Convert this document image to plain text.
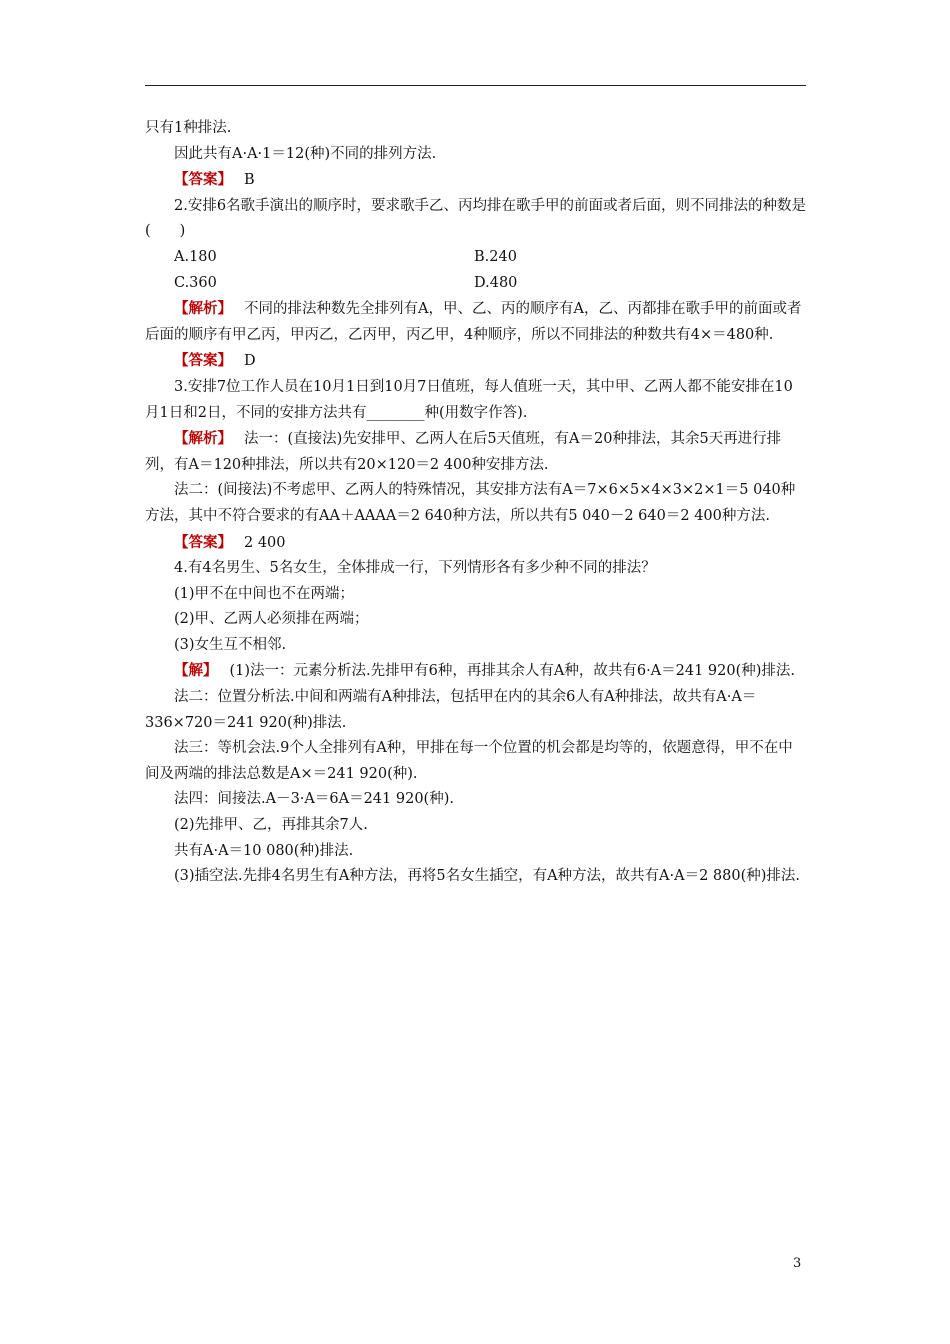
只有1种排法.

因此共有A·A·1＝12(种)不同的排列方法.

【答案】 B

2.安排6名歌手演出的顺序时，要求歌手乙、丙均排在歌手甲的前面或者后面，则不同排法的种数是(　　)

A.180	B.240
C.360	D.480

【解析】 不同的排法种数先全排列有A，甲、乙、丙的顺序有A，乙、丙都排在歌手甲的前面或者后面的顺序有甲乙丙，甲丙乙，乙丙甲，丙乙甲，4种顺序，所以不同排法的种数共有4×＝480种.

【答案】 D

3.安排7位工作人员在10月1日到10月7日值班，每人值班一天，其中甲、乙两人都不能安排在10月1日和2日，不同的安排方法共有________种(用数字作答).

【解析】 法一：(直接法)先安排甲、乙两人在后5天值班，有A＝20种排法，其余5天再进行排列，有A＝120种排法，所以共有20×120＝2 400种安排方法.

法二：(间接法)不考虑甲、乙两人的特殊情况，其安排方法有A＝7×6×5×4×3×2×1＝5 040种方法，其中不符合要求的有AA＋AAAA＝2 640种方法，所以共有5 040－2 640＝2 400种方法.

【答案】 2 400

4.有4名男生、5名女生，全体排成一行，下列情形各有多少种不同的排法？

(1)甲不在中间也不在两端；

(2)甲、乙两人必须排在两端；

(3)女生互不相邻.

【解】 (1)法一：元素分析法.先排甲有6种，再排其余人有A种，故共有6·A＝241 920(种)排法.

法二：位置分析法.中间和两端有A种排法，包括甲在内的其余6人有A种排法，故共有A·A＝336×720＝241 920(种)排法.

法三：等机会法.9个人全排列有A种，甲排在每一个位置的机会都是均等的，依题意得，甲不在中间及两端的排法总数是A×＝241 920(种).

法四：间接法.A－3·A＝6A＝241 920(种).

(2)先排甲、乙，再排其余7人.

共有A·A＝10 080(种)排法.

(3)插空法.先排4名男生有A种方法，再将5名女生插空，有A种方法，故共有A·A＝2 880(种)排法.

3
